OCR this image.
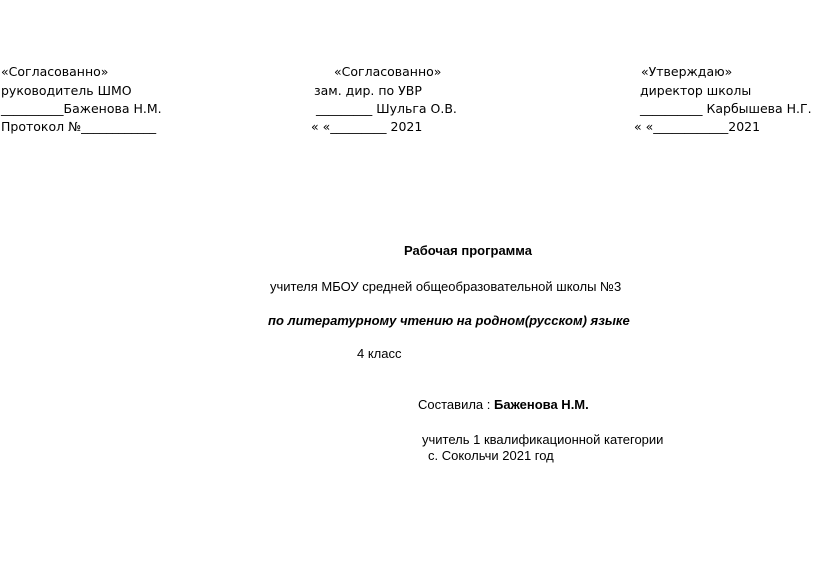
«Согласованно»
руководитель ШМО
__________Баженова Н.М.
Протокол №____________
«Согласованно»
зам. дир. по УВР
_________ Шульга О.В.
« «_________ 2021
«Утверждаю»
директор школы
__________ Карбышева Н.Г.
« «____________2021
Рабочая программа
учителя МБОУ средней общеобразовательной школы №3
по литературному чтению на родном(русском) языке
4 класс
Составила : Баженова Н.М.
учитель 1 квалификационной категории
с. Сокольчи 2021 год
